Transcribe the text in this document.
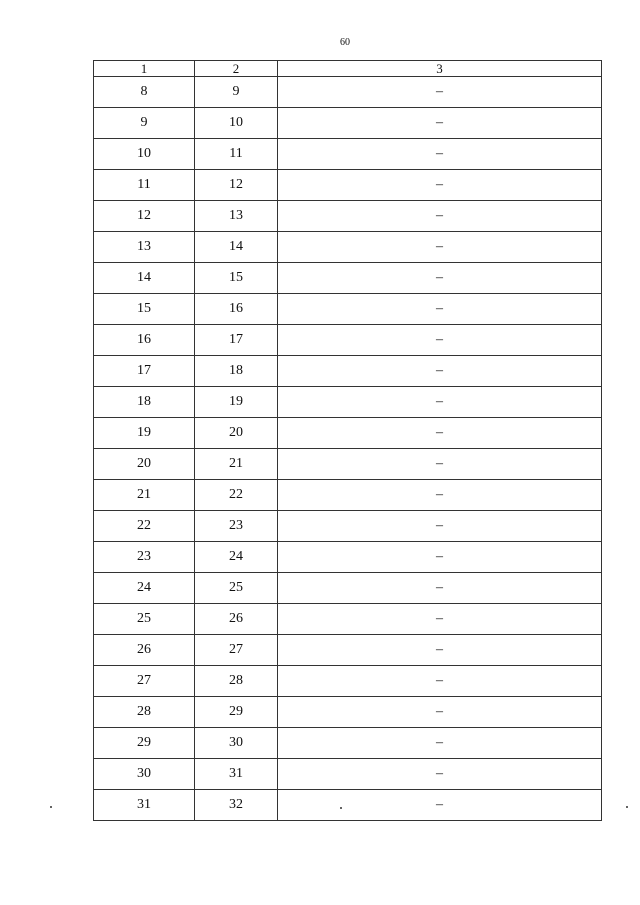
60
1	2	3
8	9	–
9	10	–
10	11	–
11	12	–
12	13	–
13	14	–
14	15	–
15	16	–
16	17	–
17	18	–
18	19	–
19	20	–
20	21	–
21	22	–
22	23	–
23	24	–
24	25	–
25	26	–
26	27	–
27	28	–
28	29	–
29	30	–
30	31	–
31	32	–
